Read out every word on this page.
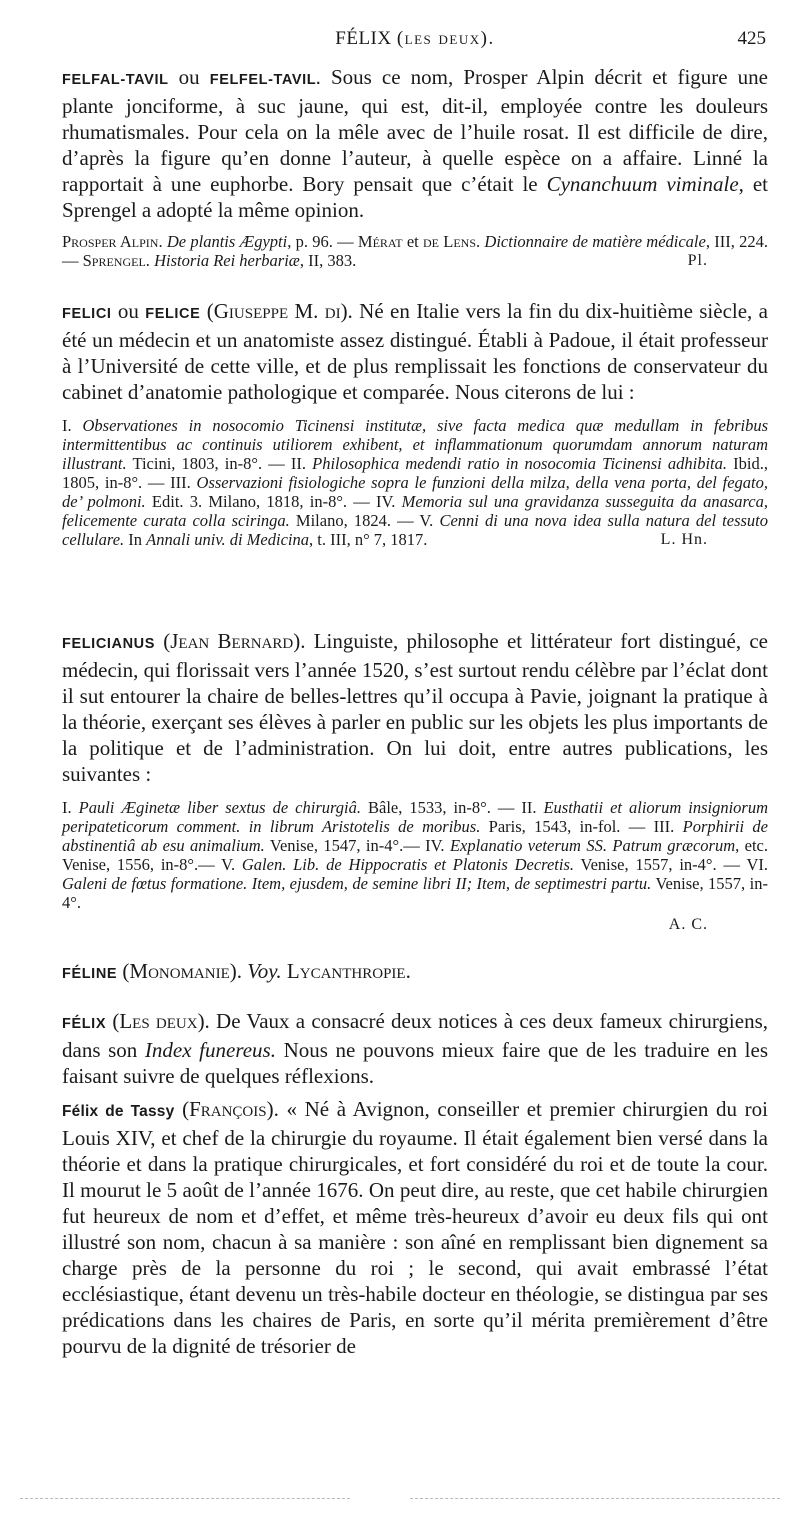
FÉLIX (les deux).	425

FELFAL-TAVIL ou FELFEL-TAVIL. Sous ce nom, Prosper Alpin décrit et figure une plante jonciforme, à suc jaune, qui est, dit-il, employée contre les douleurs rhumatismales. Pour cela on la mêle avec de l’huile rosat. Il est difficile de dire, d’après la figure qu’en donne l’auteur, à quelle espèce on a affaire. Linné la rapportait à une euphorbe. Bory pensait que c’était le Cynanchuum viminale, et Sprengel a adopté la même opinion.

Prosper Alpin. De plantis Ægypti, p. 96. — Mérat et de Lens. Dictionnaire de matière médicale, III, 224. — Sprengel. Historia Rei herbariæ, II, 383.	Pl.

FELICI ou FELICE (Giuseppe M. di). Né en Italie vers la fin du dix-huitième siècle, a été un médecin et un anatomiste assez distingué. Établi à Padoue, il était professeur à l’Université de cette ville, et de plus remplissait les fonctions de conservateur du cabinet d’anatomie pathologique et comparée. Nous citerons de lui :

I. Observationes in nosocomio Ticinensi institutæ, sive facta medica quæ medullam in febribus intermittentibus ac continuis utiliorem exhibent, et inflammationum quorumdam annorum naturam illustrant. Ticini, 1803, in-8°. — II. Philosophica medendi ratio in nosocomia Ticinensi adhibita. Ibid., 1805, in-8°. — III. Osservazioni fisiologiche sopra le funzioni della milza, della vena porta, del fegato, de’ polmoni. Edit. 3. Milano, 1818, in-8°. — IV. Memoria sul una gravidanza susseguita da anasarca, felicemente curata colla sciringa. Milano, 1824. — V. Cenni di una nova idea sulla natura del tessuto cellulare. In Annali univ. di Medicina, t. III, n° 7, 1817.	L. Hn.

FELICIANUS (Jean Bernard). Linguiste, philosophe et littérateur fort distingué, ce médecin, qui florissait vers l’année 1520, s’est surtout rendu célèbre par l’éclat dont il sut entourer la chaire de belles-lettres qu’il occupa à Pavie, joignant la pratique à la théorie, exerçant ses élèves à parler en public sur les objets les plus importants de la politique et de l’administration. On lui doit, entre autres publications, les suivantes :

I. Pauli Æginetæ liber sextus de chirurgiâ. Bâle, 1533, in-8°. — II. Eusthatii et aliorum insigniorum peripateticorum comment. in librum Aristotelis de moribus. Paris, 1543, in-fol. — III. Porphirii de abstinentiâ ab esu animalium. Venise, 1547, in-4°.— IV. Explanatio veterum SS. Patrum græcorum, etc. Venise, 1556, in-8°.— V. Galen. Lib. de Hippocratis et Platonis Decretis. Venise, 1557, in-4°. — VI. Galeni de fœtus formatione. Item, ejusdem, de semine libri II; Item, de septimestri partu. Venise, 1557, in-4°.

A. C.

FÉLINE (Monomanie). Voy. Lycanthropie.

FÉLIX (Les deux). De Vaux a consacré deux notices à ces deux fameux chirurgiens, dans son Index funereus. Nous ne pouvons mieux faire que de les traduire en les faisant suivre de quelques réflexions.

Félix de Tassy (François). « Né à Avignon, conseiller et premier chirurgien du roi Louis XIV, et chef de la chirurgie du royaume. Il était également bien versé dans la théorie et dans la pratique chirurgicales, et fort considéré du roi et de toute la cour. Il mourut le 5 août de l’année 1676. On peut dire, au reste, que cet habile chirurgien fut heureux de nom et d’effet, et même très-heureux d’avoir eu deux fils qui ont illustré son nom, chacun à sa manière : son aîné en remplissant bien dignement sa charge près de la personne du roi ; le second, qui avait embrassé l’état ecclésiastique, étant devenu un très-habile docteur en théologie, se distingua par ses prédications dans les chaires de Paris, en sorte qu’il mérita premièrement d’être pourvu de la dignité de trésorier de
